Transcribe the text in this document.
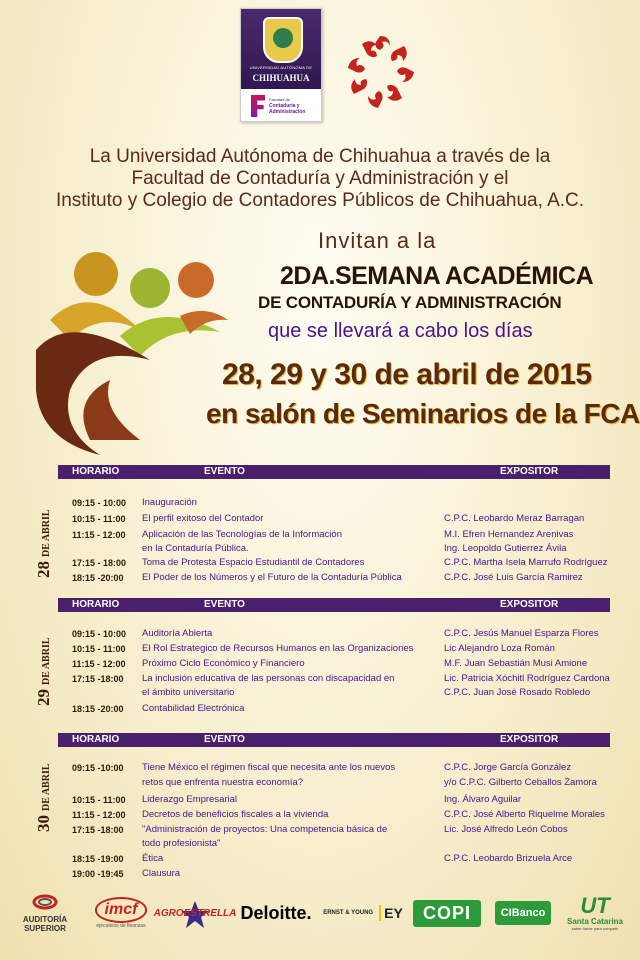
UNIVERSIDAD AUTÓNOMA DE
CHIHUAHUA
Facultad de
Contaduría y Administración
La Universidad Autónoma de Chihuahua a través de la
Facultad de Contaduría y Administración y el
Instituto y Colegio de Contadores Públicos de Chihuahua, A.C.
Invitan a la
2DA.SEMANA ACADÉMICA
DE CONTADURÍA Y ADMINISTRACIÓN
que se llevará a cabo los días
28, 29 y 30 de abril de 2015
en salón de Seminarios de la FCA
HORARIO	EVENTO	EXPOSITOR
28 DE ABRIL
09:15 - 10:00 Inauguración
10:15 - 11:00 El perfil exitoso del Contador	C.P.C. Leobardo Meraz Barragan
11:15 - 12:00 Aplicación de las Tecnologías de la Información	M.I. Efren Hernandez Arenivas
en la Contaduría Pública.	Ing. Leopoldo Gutierrez Ávila
17:15 - 18:00 Toma de Protesta Espacio Estudiantil de Contadores	C.P.C. Martha Isela Marrufo Rodríguez
18:15 -20:00 El Poder de los Números y el Futuro de la Contaduría Pública	C.P.C. José Luis García Ramirez
HORARIO	EVENTO	EXPOSITOR
29 DE ABRIL
09:15 - 10:00 Auditoría Abierta	C.P.C. Jesús Manuel Esparza Flores
10:15 - 11:00 El Rol Estrategico de Recursos Humanos en las Organizaciones	Lic Alejandro Loza Román
11:15 - 12:00 Próximo Ciclo Económico y Financiero	M.F. Juan Sebastián Musi Amione
17:15 -18:00 La inclusión educativa de las personas con discapacidad en	Lic. Patricia Xóchitl Rodríguez Cardona
el ámbito universitario	C.P.C. Juan José Rosado Robledo
18:15 -20:00 Contabilidad Electrónica
HORARIO	EVENTO	EXPOSITOR
30 DE ABRIL 09:15 -10:00 Tiene México el régimen fiscal que necesita ante los nuevos	C.P.C. Jorge García González
retos que enfrenta nuestra economía?	y/o C.P.C. Gilberto Ceballos Zamora
10:15 - 11:00 Liderazgo Empresarial	Ing. Álvaro Aguilar
11:15 - 12:00 Decretos de beneficios fiscales a la vivienda	C.P.C. José Alberto Riquelme Morales
17:15 -18:00 "Administración de proyectos: Una competencia básica de	Lic. José Alfredo León Cobos
todo profesionista"
18:15 -19:00 Ética	C.P.C. Leobardo Brizuela Arce
19:00 -19:45 Clausura
AUDITORÍA
SUPERIOR
imcf
ejecutivos de finanzas
AGROESTRELLA Deloitte. ERNST & YOUNG EY	COPI	CIBanco	UT
Santa Catarina
saber hacer para competir
